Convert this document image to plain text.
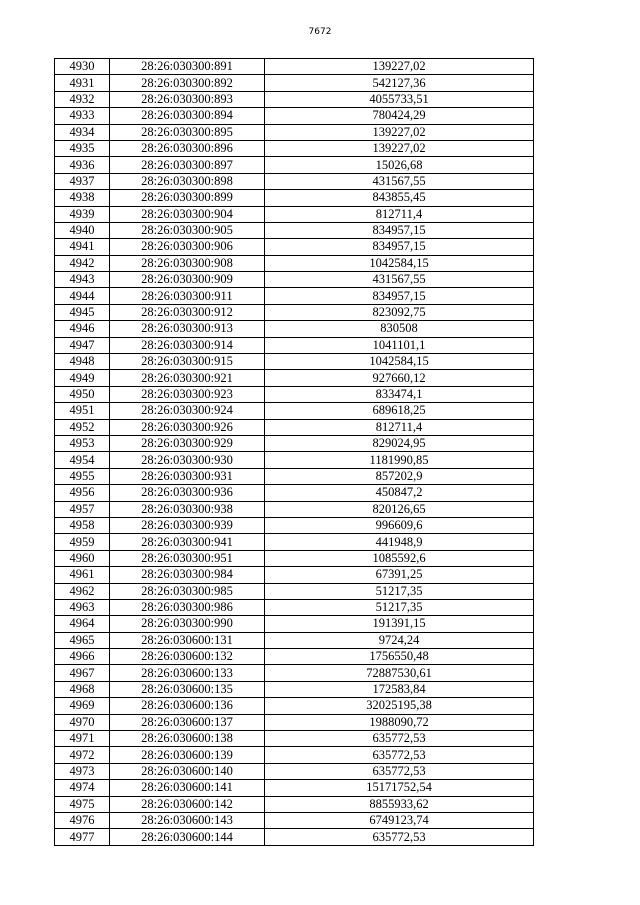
7672
4930	28:26:030300:891	139227,02
4931	28:26:030300:892	542127,36
4932	28:26:030300:893	4055733,51
4933	28:26:030300:894	780424,29
4934	28:26:030300:895	139227,02
4935	28:26:030300:896	139227,02
4936	28:26:030300:897	15026,68
4937	28:26:030300:898	431567,55
4938	28:26:030300:899	843855,45
4939	28:26:030300:904	812711,4
4940	28:26:030300:905	834957,15
4941	28:26:030300:906	834957,15
4942	28:26:030300:908	1042584,15
4943	28:26:030300:909	431567,55
4944	28:26:030300:911	834957,15
4945	28:26:030300:912	823092,75
4946	28:26:030300:913	830508
4947	28:26:030300:914	1041101,1
4948	28:26:030300:915	1042584,15
4949	28:26:030300:921	927660,12
4950	28:26:030300:923	833474,1
4951	28:26:030300:924	689618,25
4952	28:26:030300:926	812711,4
4953	28:26:030300:929	829024,95
4954	28:26:030300:930	1181990,85
4955	28:26:030300:931	857202,9
4956	28:26:030300:936	450847,2
4957	28:26:030300:938	820126,65
4958	28:26:030300:939	996609,6
4959	28:26:030300:941	441948,9
4960	28:26:030300:951	1085592,6
4961	28:26:030300:984	67391,25
4962	28:26:030300:985	51217,35
4963	28:26:030300:986	51217,35
4964	28:26:030300:990	191391,15
4965	28:26:030600:131	9724,24
4966	28:26:030600:132	1756550,48
4967	28:26:030600:133	72887530,61
4968	28:26:030600:135	172583,84
4969	28:26:030600:136	32025195,38
4970	28:26:030600:137	1988090,72
4971	28:26:030600:138	635772,53
4972	28:26:030600:139	635772,53
4973	28:26:030600:140	635772,53
4974	28:26:030600:141	15171752,54
4975	28:26:030600:142	8855933,62
4976	28:26:030600:143	6749123,74
4977	28:26:030600:144	635772,53
